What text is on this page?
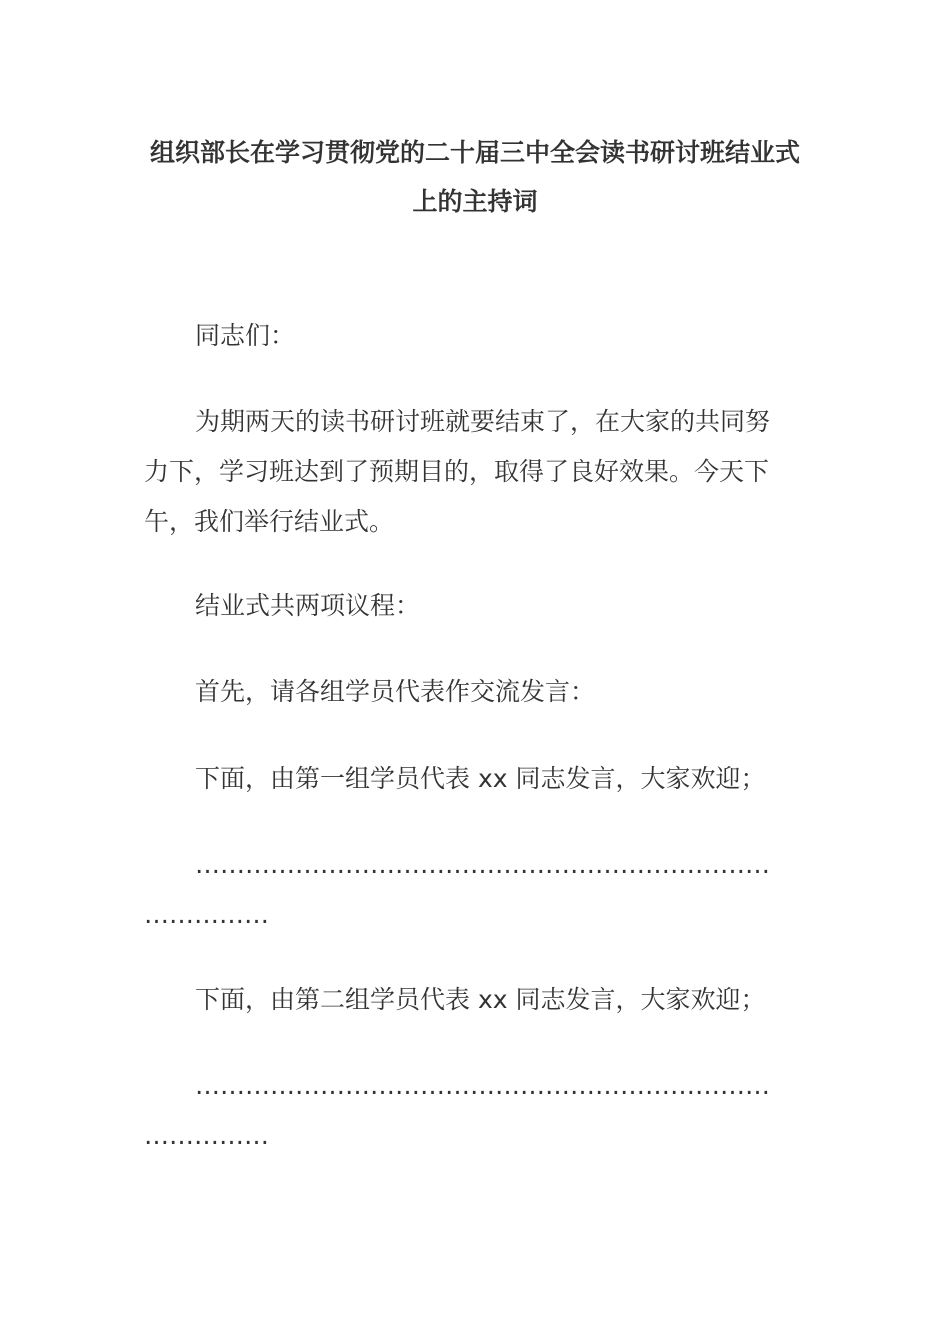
组织部长在学习贯彻党的二十届三中全会读书研讨班结业式上的主持词

同志们：

为期两天的读书研讨班就要结束了，在大家的共同努力下，学习班达到了预期目的，取得了良好效果。今天下午，我们举行结业式。

结业式共两项议程：

首先，请各组学员代表作交流发言：

下面，由第一组学员代表 xx 同志发言，大家欢迎；

…………………………………………………………………………

下面，由第二组学员代表 xx 同志发言，大家欢迎；

…………………………………………………………………………
